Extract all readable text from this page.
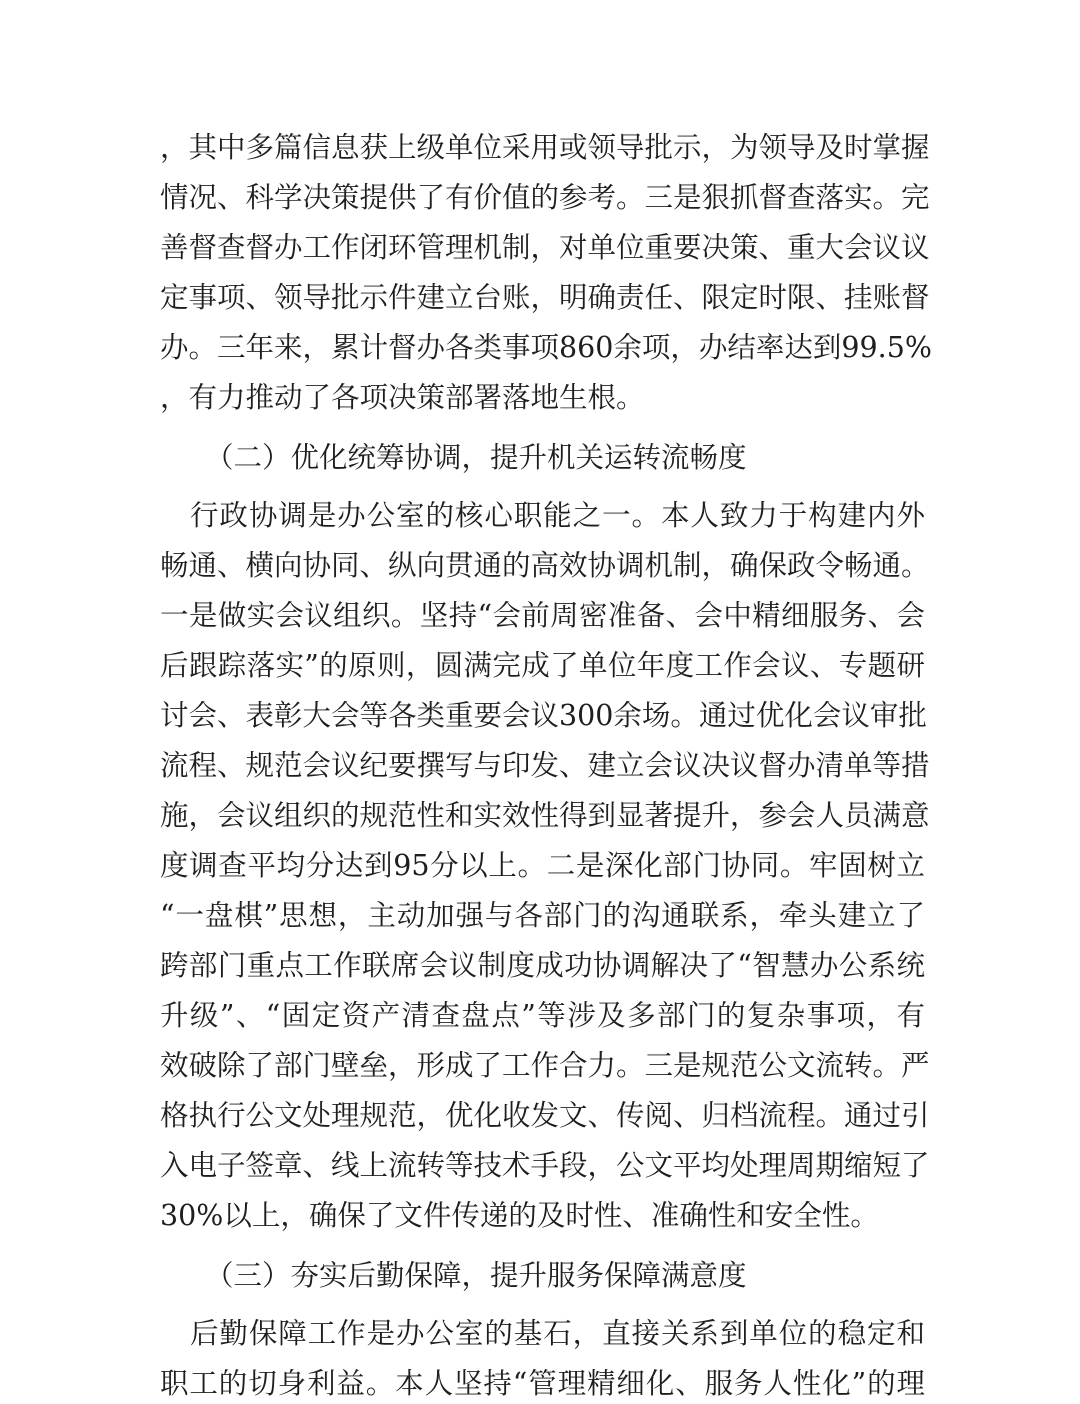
，其中多篇信息获上级单位采用或领导批示，为领导及时掌握
情况、科学决策提供了有价值的参考。三是狠抓督查落实。完
善督查督办工作闭环管理机制，对单位重要决策、重大会议议
定事项、领导批示件建立台账，明确责任、限定时限、挂账督
办。三年来，累计督办各类事项860余项，办结率达到99.5%
，有力推动了各项决策部署落地生根。
（二）优化统筹协调，提升机关运转流畅度
行政协调是办公室的核心职能之一。本人致力于构建内外
畅通、横向协同、纵向贯通的高效协调机制，确保政令畅通。
一是做实会议组织。坚持“会前周密准备、会中精细服务、会
后跟踪落实”的原则，圆满完成了单位年度工作会议、专题研
讨会、表彰大会等各类重要会议300余场。通过优化会议审批
流程、规范会议纪要撰写与印发、建立会议决议督办清单等措
施，会议组织的规范性和实效性得到显著提升，参会人员满意
度调查平均分达到95分以上。二是深化部门协同。牢固树立
“一盘棋”思想，主动加强与各部门的沟通联系，牵头建立了
跨部门重点工作联席会议制度成功协调解决了“智慧办公系统
升级”、“固定资产清查盘点”等涉及多部门的复杂事项，有
效破除了部门壁垒，形成了工作合力。三是规范公文流转。严
格执行公文处理规范，优化收发文、传阅、归档流程。通过引
入电子签章、线上流转等技术手段，公文平均处理周期缩短了
30%以上，确保了文件传递的及时性、准确性和安全性。
（三）夯实后勤保障，提升服务保障满意度
后勤保障工作是办公室的基石，直接关系到单位的稳定和
职工的切身利益。本人坚持“管理精细化、服务人性化”的理
